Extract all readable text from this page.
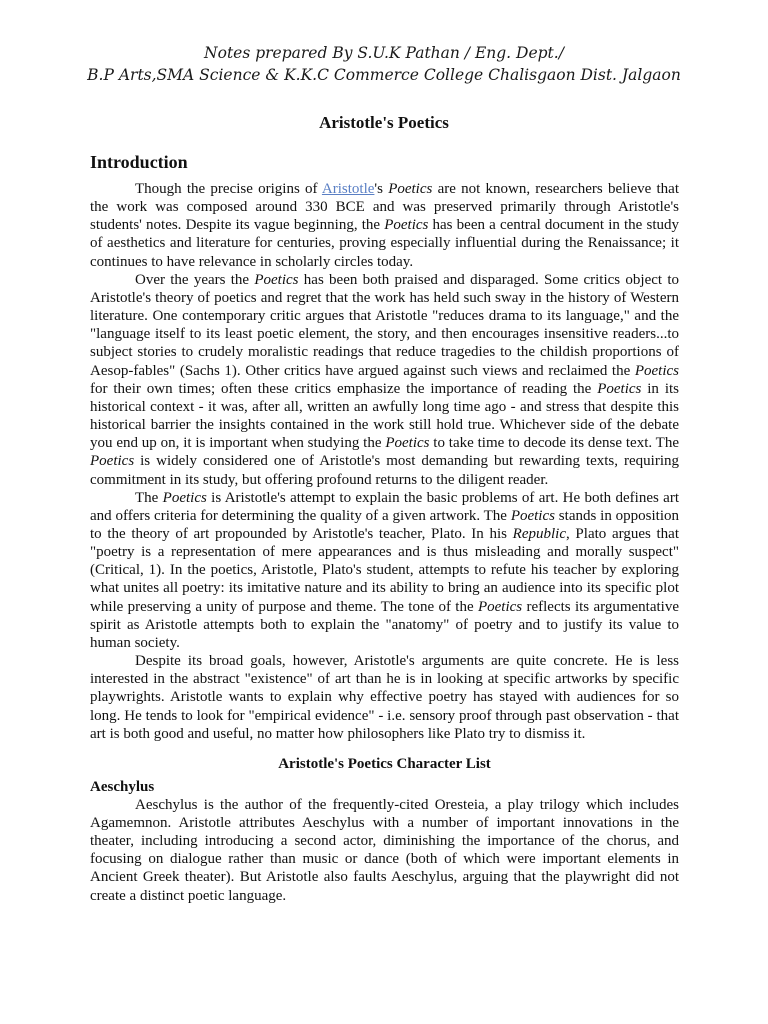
Notes prepared By S.U.K Pathan / Eng. Dept./
B.P Arts,SMA Science & K.K.C Commerce College Chalisgaon Dist. Jalgaon
Aristotle's Poetics
Introduction

Though the precise origins of Aristotle's Poetics are not known, researchers believe that the work was composed around 330 BCE and was preserved primarily through Aristotle's students' notes. Despite its vague beginning, the Poetics has been a central document in the study of aesthetics and literature for centuries, proving especially influential during the Renaissance; it continues to have relevance in scholarly circles today.

Over the years the Poetics has been both praised and disparaged. Some critics object to Aristotle's theory of poetics and regret that the work has held such sway in the history of Western literature. One contemporary critic argues that Aristotle "reduces drama to its language," and the "language itself to its least poetic element, the story, and then encourages insensitive readers...to subject stories to crudely moralistic readings that reduce tragedies to the childish proportions of Aesop-fables" (Sachs 1). Other critics have argued against such views and reclaimed the Poetics for their own times; often these critics emphasize the importance of reading the Poetics in its historical context - it was, after all, written an awfully long time ago - and stress that despite this historical barrier the insights contained in the work still hold true. Whichever side of the debate you end up on, it is important when studying the Poetics to take time to decode its dense text. The Poetics is widely considered one of Aristotle's most demanding but rewarding texts, requiring commitment in its study, but offering profound returns to the diligent reader.

The Poetics is Aristotle's attempt to explain the basic problems of art. He both defines art and offers criteria for determining the quality of a given artwork. The Poetics stands in opposition to the theory of art propounded by Aristotle's teacher, Plato. In his Republic, Plato argues that "poetry is a representation of mere appearances and is thus misleading and morally suspect" (Critical, 1). In the poetics, Aristotle, Plato's student, attempts to refute his teacher by exploring what unites all poetry: its imitative nature and its ability to bring an audience into its specific plot while preserving a unity of purpose and theme. The tone of the Poetics reflects its argumentative spirit as Aristotle attempts both to explain the "anatomy" of poetry and to justify its value to human society.

Despite its broad goals, however, Aristotle's arguments are quite concrete. He is less interested in the abstract "existence" of art than he is in looking at specific artworks by specific playwrights. Aristotle wants to explain why effective poetry has stayed with audiences for so long. He tends to look for "empirical evidence" - i.e. sensory proof through past observation - that art is both good and useful, no matter how philosophers like Plato try to dismiss it.

Aristotle's Poetics Character List
Aeschylus

Aeschylus is the author of the frequently-cited Oresteia, a play trilogy which includes Agamemnon. Aristotle attributes Aeschylus with a number of important innovations in the theater, including introducing a second actor, diminishing the importance of the chorus, and focusing on dialogue rather than music or dance (both of which were important elements in Ancient Greek theater). But Aristotle also faults Aeschylus, arguing that the playwright did not create a distinct poetic language.
